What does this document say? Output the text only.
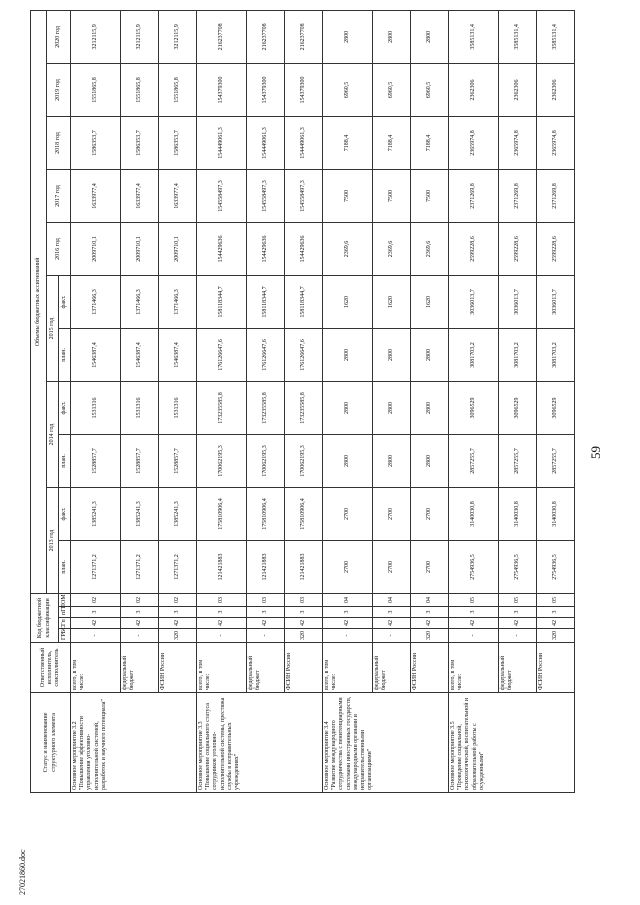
59
27021860.doc
Статус и наименование структурного элемента	Ответственный исполнитель, соисполнитель	Код бюджетной классификации				Объемы бюджетных ассигнований										
						2013 год		2014 год		2015 год		2016 год	2017 год	2018 год	2019 год	2020 год
		ГРБС	Гп	пГП	ОМ	план.	факт.	план.	факт.	план.	факт.					
Основное мероприятие 3.2 "Повышение эффективности управления уголовно-исполнительной системой, разработок и научного потенциала"	всего, в том числе:	-	42	3	02	1271371,2	1385241,3	1528857,7	1531316	1546387,4	1371466,3	2009710,1	1633977,4	1586353,7	1551865,8	3212115,9
	федеральный бюджет	-	42	3	02	1271371,2	1385241,3	1528857,7	1531316	1546387,4	1371466,3	2009710,1	1633977,4	1586353,7	1551865,8	3212115,9
	ФСИН России	320	42	3	02	1271371,2	1385241,3	1528857,7	1531316	1546387,4	1371466,3	2009710,1	1633977,4	1586353,7	1551865,8	3212115,9
Основное мероприятие 3.3 "Повышение социального статуса сотрудников уголовно-исполнительной системы, престижа службы в исправительных учреждениях"	всего, в том числе:	-	42	3	03	121421883	175810906,4	170062195,3	173235585,8	176126647,6	158118344,7	154429636	154558497,3	154449061,3	154379300	216237708
	федеральный бюджет	-	42	3	03	121421883	175810906,4	170062195,3	173235585,8	176126647,6	158118344,7	154429636	154558497,3	154449061,3	154379300	216237708
	ФСИН России	320	42	3	03	121421883	175810906,4	170062195,3	173235585,8	176126647,6	158118344,7	154429636	154558497,3	154449061,3	154379300	216237708
Основное мероприятие 3.4 "Развитие международного сотрудничества с пенитенциарными системами иностранных государств, международными органами и неправительственными организациями"	всего, в том числе:	-	42	3	04	2700	2700	2800	2800	2800	1620	2369,6	7500	7188,4	6960,5	2800
	федеральный бюджет	-	42	3	04	2700	2700	2800	2800	2800	1620	2369,6	7500	7188,4	6960,5	2800
	ФСИН России	320	42	3	04	2700	2700	2800	2800	2800	1620	2369,6	7500	7188,4	6960,5	2800
Основное мероприятие 3.5 "Проведение социальной, психологической, воспитательной и образовательной работы с осужденными"	всего, в том числе:	-	42	3	05	2754936,5	3140030,8	2857255,7	3096529	3081703,2	3036013,7	2599228,6	2371269,8	2365974,8	2362306	3585131,4
	федеральный бюджет	-	42	3	05	2754936,5	3140030,8	2857255,7	3096529	3081703,2	3036013,7	2599228,6	2371269,8	2365974,8	2362306	3585131,4
	ФСИН России	320	42	3	05	2754936,5	3140030,8	2857255,7	3096529	3081703,2	3036013,7	2599228,6	2371269,8	2365974,8	2362306	3585131,4
